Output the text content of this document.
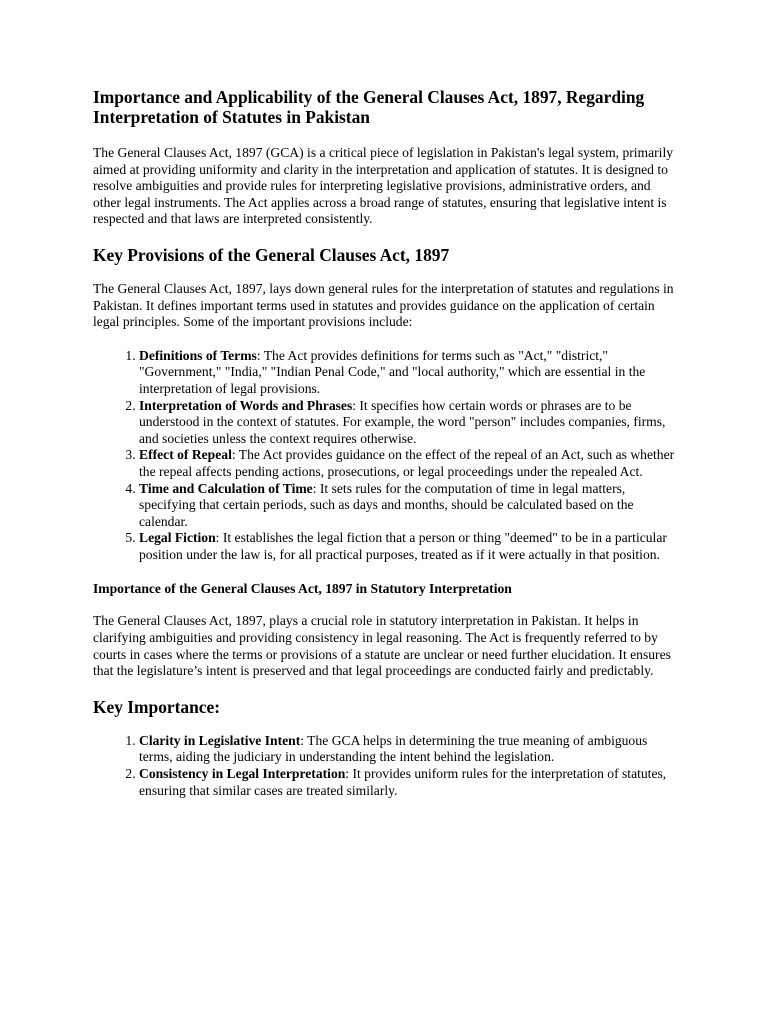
Importance and Applicability of the General Clauses Act, 1897, Regarding Interpretation of Statutes in Pakistan

The General Clauses Act, 1897 (GCA) is a critical piece of legislation in Pakistan's legal system, primarily aimed at providing uniformity and clarity in the interpretation and application of statutes. It is designed to resolve ambiguities and provide rules for interpreting legislative provisions, administrative orders, and other legal instruments. The Act applies across a broad range of statutes, ensuring that legislative intent is respected and that laws are interpreted consistently.

Key Provisions of the General Clauses Act, 1897

The General Clauses Act, 1897, lays down general rules for the interpretation of statutes and regulations in Pakistan. It defines important terms used in statutes and provides guidance on the application of certain legal principles. Some of the important provisions include:

1. Definitions of Terms: The Act provides definitions for terms such as "Act," "district," "Government," "India," "Indian Penal Code," and "local authority," which are essential in the interpretation of legal provisions.
2. Interpretation of Words and Phrases: It specifies how certain words or phrases are to be understood in the context of statutes. For example, the word "person" includes companies, firms, and societies unless the context requires otherwise.
3. Effect of Repeal: The Act provides guidance on the effect of the repeal of an Act, such as whether the repeal affects pending actions, prosecutions, or legal proceedings under the repealed Act.
4. Time and Calculation of Time: It sets rules for the computation of time in legal matters, specifying that certain periods, such as days and months, should be calculated based on the calendar.
5. Legal Fiction: It establishes the legal fiction that a person or thing "deemed" to be in a particular position under the law is, for all practical purposes, treated as if it were actually in that position.
Importance of the General Clauses Act, 1897 in Statutory Interpretation

The General Clauses Act, 1897, plays a crucial role in statutory interpretation in Pakistan. It helps in clarifying ambiguities and providing consistency in legal reasoning. The Act is frequently referred to by courts in cases where the terms or provisions of a statute are unclear or need further elucidation. It ensures that the legislature’s intent is preserved and that legal proceedings are conducted fairly and predictably.

Key Importance:
1. Clarity in Legislative Intent: The GCA helps in determining the true meaning of ambiguous terms, aiding the judiciary in understanding the intent behind the legislation.
2. Consistency in Legal Interpretation: It provides uniform rules for the interpretation of statutes, ensuring that similar cases are treated similarly.
